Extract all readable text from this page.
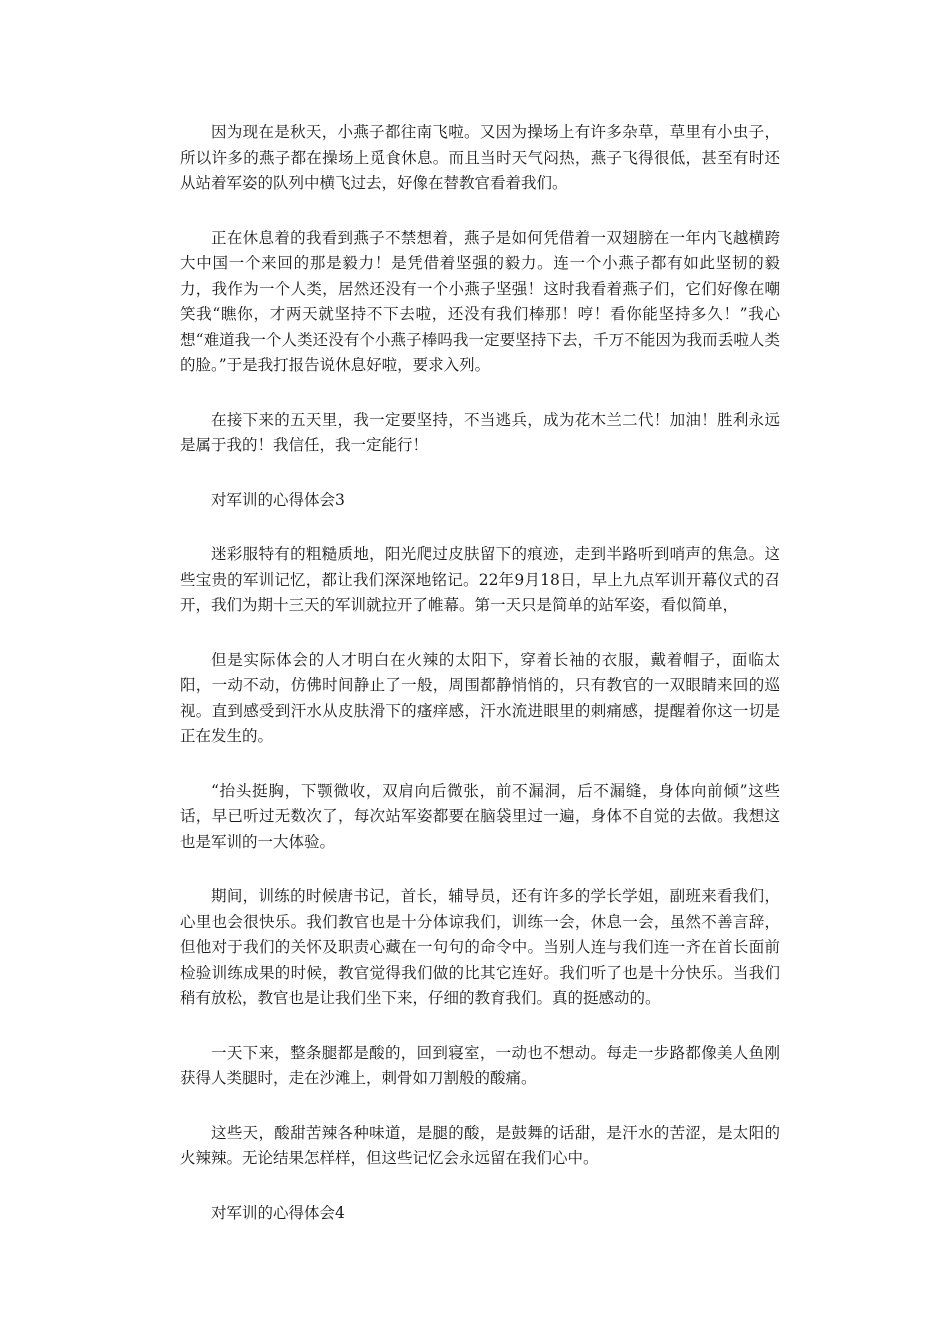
因为现在是秋天，小燕子都往南飞啦。又因为操场上有许多杂草，草里有小虫子，所以许多的燕子都在操场上觅食休息。而且当时天气闷热，燕子飞得很低，甚至有时还从站着军姿的队列中横飞过去，好像在替教官看着我们。

正在休息着的我看到燕子不禁想着，燕子是如何凭借着一双翅膀在一年内飞越横跨大中国一个来回的那是毅力！是凭借着坚强的毅力。连一个小燕子都有如此坚韧的毅力，我作为一个人类，居然还没有一个小燕子坚强！这时我看着燕子们，它们好像在嘲笑我“瞧你，才两天就坚持不下去啦，还没有我们棒那！哼！看你能坚持多久！”我心想“难道我一个人类还没有个小燕子棒吗我一定要坚持下去，千万不能因为我而丢啦人类的脸。”于是我打报告说休息好啦，要求入列。

在接下来的五天里，我一定要坚持，不当逃兵，成为花木兰二代！加油！胜利永远是属于我的！我信任，我一定能行！

对军训的心得体会3

迷彩服特有的粗糙质地，阳光爬过皮肤留下的痕迹，走到半路听到哨声的焦急。这些宝贵的军训记忆，都让我们深深地铭记。22年9月18日，早上九点军训开幕仪式的召开，我们为期十三天的军训就拉开了帷幕。第一天只是简单的站军姿，看似简单，

但是实际体会的人才明白在火辣的太阳下，穿着长袖的衣服，戴着帽子，面临太阳，一动不动，仿佛时间静止了一般，周围都静悄悄的，只有教官的一双眼睛来回的巡视。直到感受到汗水从皮肤滑下的瘙痒感，汗水流进眼里的刺痛感，提醒着你这一切是正在发生的。

“抬头挺胸，下颚微收，双肩向后微张，前不漏洞，后不漏缝，身体向前倾”这些话，早已听过无数次了，每次站军姿都要在脑袋里过一遍，身体不自觉的去做。我想这也是军训的一大体验。

期间，训练的时候唐书记，首长，辅导员，还有许多的学长学姐，副班来看我们，心里也会很快乐。我们教官也是十分体谅我们，训练一会，休息一会，虽然不善言辞，但他对于我们的关怀及职责心藏在一句句的命令中。当别人连与我们连一齐在首长面前检验训练成果的时候，教官觉得我们做的比其它连好。我们听了也是十分快乐。当我们稍有放松，教官也是让我们坐下来，仔细的教育我们。真的挺感动的。

一天下来，整条腿都是酸的，回到寝室，一动也不想动。每走一步路都像美人鱼刚获得人类腿时，走在沙滩上，刺骨如刀割般的酸痛。

这些天，酸甜苦辣各种味道，是腿的酸，是鼓舞的话甜，是汗水的苦涩，是太阳的火辣辣。无论结果怎样样，但这些记忆会永远留在我们心中。

对军训的心得体会4
